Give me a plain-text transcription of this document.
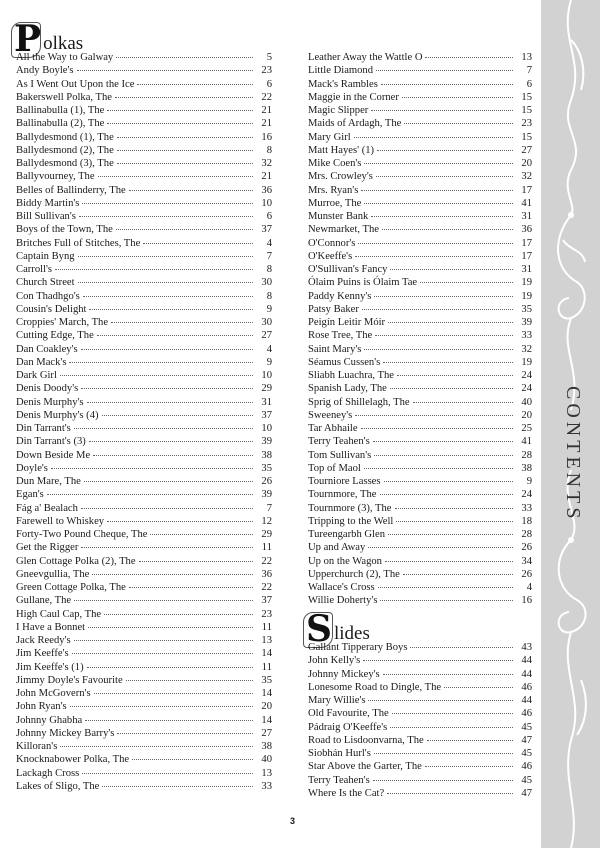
P olkas
All the Way to Galway	5
Andy Boyle's	23
As I Went Out Upon the Ice	6
Bakerswell Polka, The	22
Ballinabulla (1), The	21
Ballinabulla (2), The	21
Ballydesmond (1), The	16
Ballydesmond (2), The	8
Ballydesmond (3), The	32
Ballyvourney, The	21
Belles of Ballinderry, The	36
Biddy Martin's	10
Bill Sullivan's	6
Boys of the Town, The	37
Britches Full of Stitches, The	4
Captain Byng	7
Carroll's	8
Church Street	30
Con Thadhgo's	8
Cousin's Delight	9
Croppies' March, The	30
Cutting Edge, The	27
Dan Coakley's	4
Dan Mack's	9
Dark Girl	10
Denis Doody's	29
Denis Murphy's	31
Denis Murphy's (4)	37
Din Tarrant's	10
Din Tarrant's (3)	39
Down Beside Me	38
Doyle's	35
Dun Mare, The	26
Egan's	39
Fág a' Bealach	7
Farewell to Whiskey	12
Forty-Two Pound Cheque, The	29
Get the Rigger	11
Glen Cottage Polka (2), The	22
Gneevgullia, The	36
Green Cottage Polka, The	22
Gullane, The	37
High Caul Cap, The	23
I Have a Bonnet	11
Jack Reedy's	13
Jim Keeffe's	14
Jim Keeffe's (1)	11
Jimmy Doyle's Favourite	35
John McGovern's	14
John Ryan's	20
Johnny Ghabha	14
Johnny Mickey Barry's	27
Killoran's	38
Knocknabower Polka, The	40
Lackagh Cross	13
Lakes of Sligo, The	33
Leather Away the Wattle O	13
Little Diamond	7
Mack's Rambles	6
Maggie in the Corner	15
Magic Slipper	15
Maids of Ardagh, The	23
Mary Girl	15
Matt Hayes' (1)	27
Mike Coen's	20
Mrs. Crowley's	32
Mrs. Ryan's	17
Murroe, The	41
Munster Bank	31
Newmarket, The	36
O'Connor's	17
O'Keeffe's	17
O'Sullivan's Fancy	31
Ólaim Puins is Ólaim Tae	19
Paddy Kenny's	19
Patsy Baker	35
Peigín Leitir Móir	39
Rose Tree, The	33
Saint Mary's	32
Séamus Cussen's	19
Sliabh Luachra, The	24
Spanish Lady, The	24
Sprig of Shillelagh, The	40
Sweeney's	20
Tar Abhaile	25
Terry Teahen's	41
Tom Sullivan's	28
Top of Maol	38
Tourniore Lasses	9
Tournmore, The	24
Tournmore (3), The	33
Tripping to the Well	18
Tureengarbh Glen	28
Up and Away	26
Up on the Wagon	34
Upperchurch (2), The	26
Wallace's Cross	4
Willie Doherty's	16
S lides
Gallant Tipperary Boys	43
John Kelly's	44
Johnny Mickey's	44
Lonesome Road to Dingle, The	46
Mary Willie's	44
Old Favourite, The	46
Pádraig O'Keeffe's	45
Road to Lisdoonvarna, The	47
Siobhán Hurl's	45
Star Above the Garter, The	46
Terry Teahen's	45
Where Is the Cat?	47
3
CONTENTS
